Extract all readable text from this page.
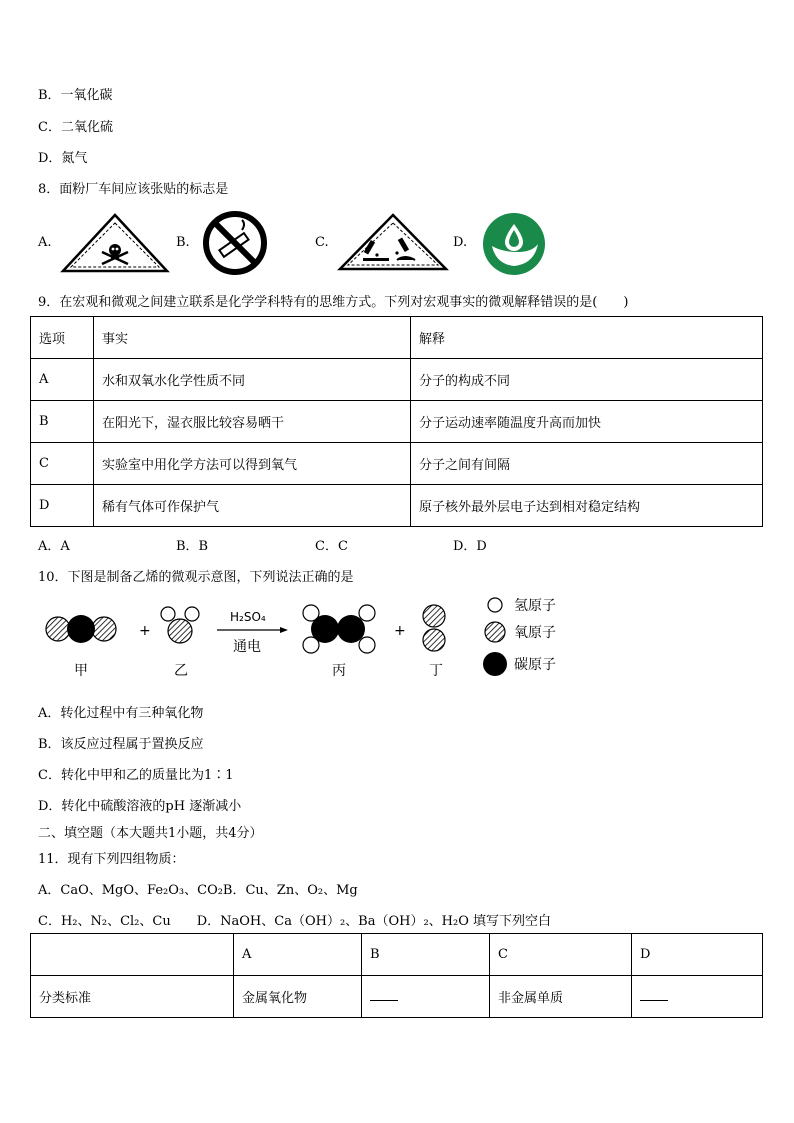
B．一氧化碳
C．二氧化硫
D．氮气
8．面粉厂车间应该张贴的标志是
A.	B.	C.	D.
9．在宏观和微观之间建立联系是化学学科特有的思维方式。下列对宏观事实的微观解释错误的是(　　)
选项	事实	解释
A	水和双氧水化学性质不同	分子的构成不同
B	在阳光下，湿衣服比较容易晒干	分子运动速率随温度升高而加快
C	实验室中用化学方法可以得到氧气	分子之间有间隔
D	稀有气体可作保护气	原子核外最外层电子达到相对稳定结构
A．A	B．B	C．C	D．D
10．下图是制备乙烯的微观示意图，下列说法正确的是
+
H₂SO₄
通电
+
甲	乙	丙	丁
氢原子
氧原子
碳原子
A．转化过程中有三种氧化物
B．该反应过程属于置换反应
C．转化中甲和乙的质量比为1∶1
D．转化中硫酸溶液的pH 逐渐减小
二、填空题（本大题共1小题，共4分）
11．现有下列四组物质：
A．CaO、MgO、Fe₂O₃、CO₂B．Cu、Zn、O₂、Mg
C．H₂、N₂、Cl₂、Cu　　D．NaOH、Ca（OH）₂、Ba（OH）₂、H₂O 填写下列空白
	A	B	C	D
分类标准	金属氧化物		非金属单质	
